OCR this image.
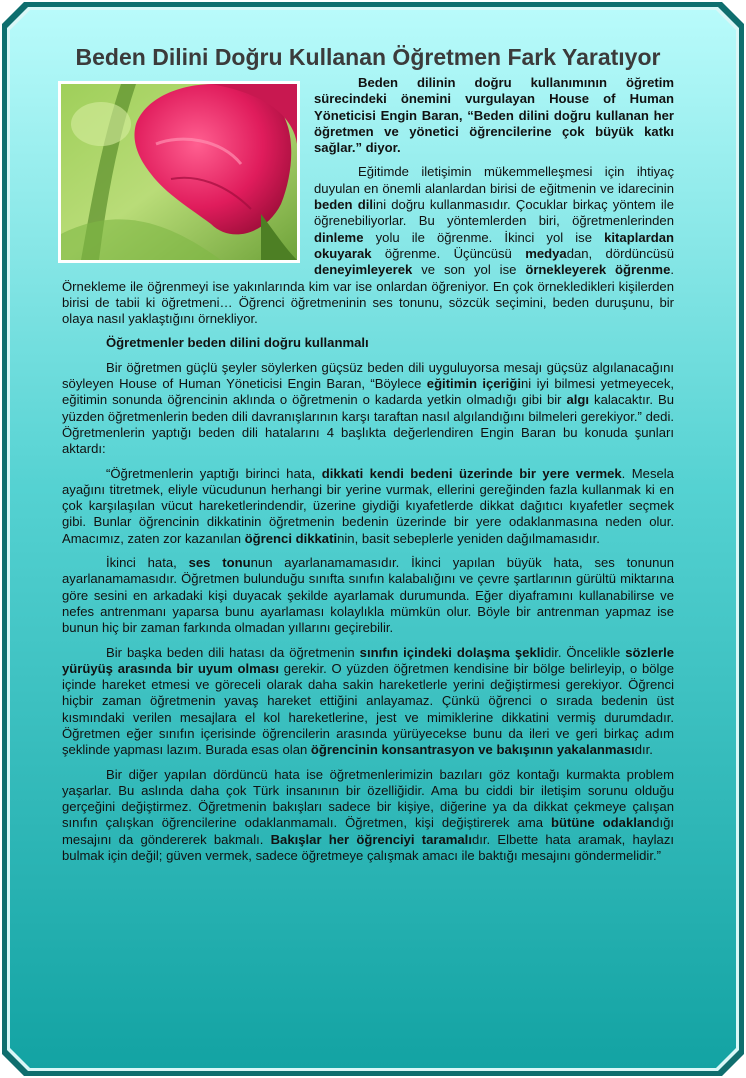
Beden Dilini Doğru Kullanan Öğretmen Fark Yaratıyor

Beden dilinin doğru kullanımının öğretim sürecindeki önemini vurgulayan House of Human Yöneticisi Engin Baran, “Beden dilini doğru kullanan her öğretmen ve yönetici öğrencilerine çok büyük katkı sağlar.” diyor.

Eğitimde iletişimin mükemmelleşmesi için ihtiyaç duyulan en önemli alanlardan birisi de eğitmenin ve idarecinin beden dilini doğru kullanmasıdır. Çocuklar birkaç yöntem ile öğrenebiliyorlar. Bu yöntemlerden biri, öğretmenlerinden dinleme yolu ile öğrenme. İkinci yol ise kitaplardan okuyarak öğrenme. Üçüncüsü medyadan, dördüncüsü deneyimleyerek ve son yol ise örnekleyerek öğrenme. Örnekleme ile öğrenmeyi ise yakınlarında kim var ise onlardan öğreniyor. En çok örnekledikleri kişilerden birisi de tabii ki öğretmeni… Öğrenci öğretmeninin ses tonunu, sözcük seçimini, beden duruşunu, bir olaya nasıl yaklaştığını örnekliyor.

Öğretmenler beden dilini doğru kullanmalı

Bir öğretmen güçlü şeyler söylerken güçsüz beden dili uyguluyorsa mesajı güçsüz algılanacağını söyleyen House of Human Yöneticisi Engin Baran, “Böylece eğitimin içeriğini iyi bilmesi yetmeyecek, eğitimin sonunda öğrencinin aklında o öğretmenin o kadarda yetkin olmadığı gibi bir algı kalacaktır. Bu yüzden öğretmenlerin beden dili davranışlarının karşı taraftan nasıl algılandığını bilmeleri gerekiyor.” dedi. Öğretmenlerin yaptığı beden dili hatalarını 4 başlıkta değerlendiren Engin Baran bu konuda şunları aktardı:

“Öğretmenlerin yaptığı birinci hata, dikkati kendi bedeni üzerinde bir yere vermek. Mesela ayağını titretmek, eliyle vücudunun herhangi bir yerine vurmak, ellerini gereğinden fazla kullanmak ki en çok karşılaşılan vücut hareketlerindendir, üzerine giydiği kıyafetlerde dikkat dağıtıcı kıyafetler seçmek gibi. Bunlar öğrencinin dikkatinin öğretmenin bedenin üzerinde bir yere odaklanmasına neden olur. Amacımız, zaten zor kazanılan öğrenci dikkatinin, basit sebeplerle yeniden dağılmamasıdır.

İkinci hata, ses tonunun ayarlanamamasıdır. İkinci yapılan büyük hata, ses tonunun ayarlanamamasıdır. Öğretmen bulunduğu sınıfta sınıfın kalabalığını ve çevre şartlarının gürültü miktarına göre sesini en arkadaki kişi duyacak şekilde ayarlamak durumunda. Eğer diyaframını kullanabilirse ve nefes antrenmanı yaparsa bunu ayarlaması kolaylıkla mümkün olur. Böyle bir antrenman yapmaz ise bunun hiç bir zaman farkında olmadan yıllarını geçirebilir.

Bir başka beden dili hatası da öğretmenin sınıfın içindeki dolaşma şeklidir. Öncelikle sözlerle yürüyüş arasında bir uyum olması gerekir. O yüzden öğretmen kendisine bir bölge belirleyip, o bölge içinde hareket etmesi ve göreceli olarak daha sakin hareketlerle yerini değiştirmesi gerekiyor. Öğrenci hiçbir zaman öğretmenin yavaş hareket ettiğini anlayamaz. Çünkü öğrenci o sırada bedenin üst kısmındaki verilen mesajlara el kol hareketlerine, jest ve mimiklerine dikkatini vermiş durumdadır. Öğretmen eğer sınıfın içerisinde öğrencilerin arasında yürüyecekse bunu da ileri ve geri birkaç adım şeklinde yapması lazım. Burada esas olan öğrencinin konsantrasyon ve bakışının yakalanmasıdır.

Bir diğer yapılan dördüncü hata ise öğretmenlerimizin bazıları göz kontağı kurmakta problem yaşarlar. Bu aslında daha çok Türk insanının bir özelliğidir. Ama bu ciddi bir iletişim sorunu olduğu gerçeğini değiştirmez. Öğretmenin bakışları sadece bir kişiye, diğerine ya da dikkat çekmeye çalışan sınıfın çalışkan öğrencilerine odaklanmamalı. Öğretmen, kişi değiştirerek ama bütüne odaklandığı mesajını da göndererek bakmalı. Bakışlar her öğrenciyi taramalıdır. Elbette hata aramak, haylazı bulmak için değil; güven vermek, sadece öğretmeye çalışmak amacı ile baktığı mesajını göndermelidir.”
